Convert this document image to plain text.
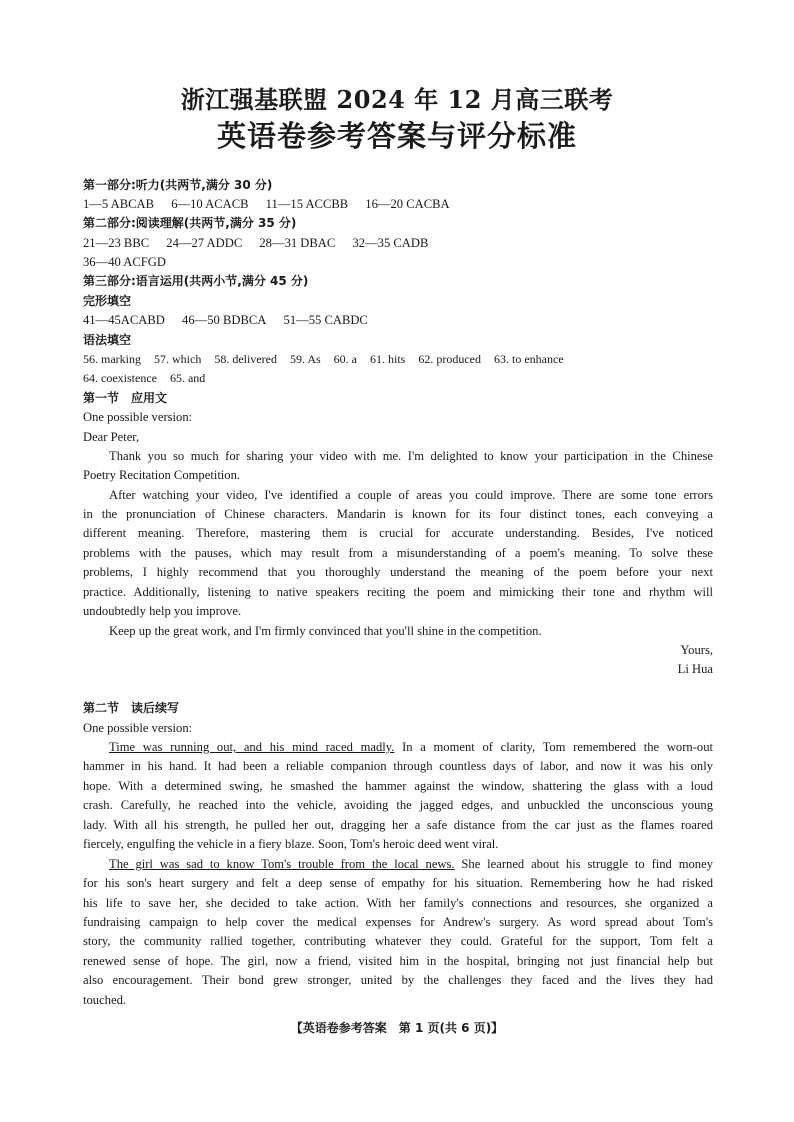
浙江强基联盟 2024 年 12 月高三联考
英语卷参考答案与评分标准
第一部分:听力(共两节,满分 30 分)
1—5 ABCAB 6—10 ACACB 11—15 ACCBB 16—20 CACBA
第二部分:阅读理解(共两节,满分 35 分)
21—23 BBC 24—27 ADDC 28—31 DBAC 32—35 CADB
36—40 ACFGD
第三部分:语言运用(共两小节,满分 45 分)
完形填空
41—45ACABD 46—50 BDBCA 51—55 CABDC
语法填空
56. marking 57. which 58. delivered 59. As 60. a 61. hits 62. produced 63. to enhance
64. coexistence 65. and
第一节　应用文
One possible version:
Dear Peter,
Thank you so much for sharing your video with me. I'm delighted to know your participation in the Chinese
Poetry Recitation Competition.
After watching your video, I've identified a couple of areas you could improve. There are some tone errors
in the pronunciation of Chinese characters. Mandarin is known for its four distinct tones, each conveying a
different meaning. Therefore, mastering them is crucial for accurate understanding. Besides, I've noticed
problems with the pauses, which may result from a misunderstanding of a poem's meaning. To solve these
problems, I highly recommend that you thoroughly understand the meaning of the poem before your next
practice. Additionally, listening to native speakers reciting the poem and mimicking their tone and rhythm will
undoubtedly help you improve.
Keep up the great work, and I'm firmly convinced that you'll shine in the competition.
Yours,
Li Hua
第二节　读后续写
One possible version:
Time was running out, and his mind raced madly. In a moment of clarity, Tom remembered the worn-out
hammer in his hand. It had been a reliable companion through countless days of labor, and now it was his only
hope. With a determined swing, he smashed the hammer against the window, shattering the glass with a loud
crash. Carefully, he reached into the vehicle, avoiding the jagged edges, and unbuckled the unconscious young
lady. With all his strength, he pulled her out, dragging her a safe distance from the car just as the flames roared
fiercely, engulfing the vehicle in a fiery blaze. Soon, Tom's heroic deed went viral.
The girl was sad to know Tom's trouble from the local news. She learned about his struggle to find money
for his son's heart surgery and felt a deep sense of empathy for his situation. Remembering how he had risked
his life to save her, she decided to take action. With her family's connections and resources, she organized a
fundraising campaign to help cover the medical expenses for Andrew's surgery. As word spread about Tom's
story, the community rallied together, contributing whatever they could. Grateful for the support, Tom felt a
renewed sense of hope. The girl, now a friend, visited him in the hospital, bringing not just financial help but
also encouragement. Their bond grew stronger, united by the challenges they faced and the lives they had
touched.
【英语卷参考答案　第 1 页(共 6 页)】
